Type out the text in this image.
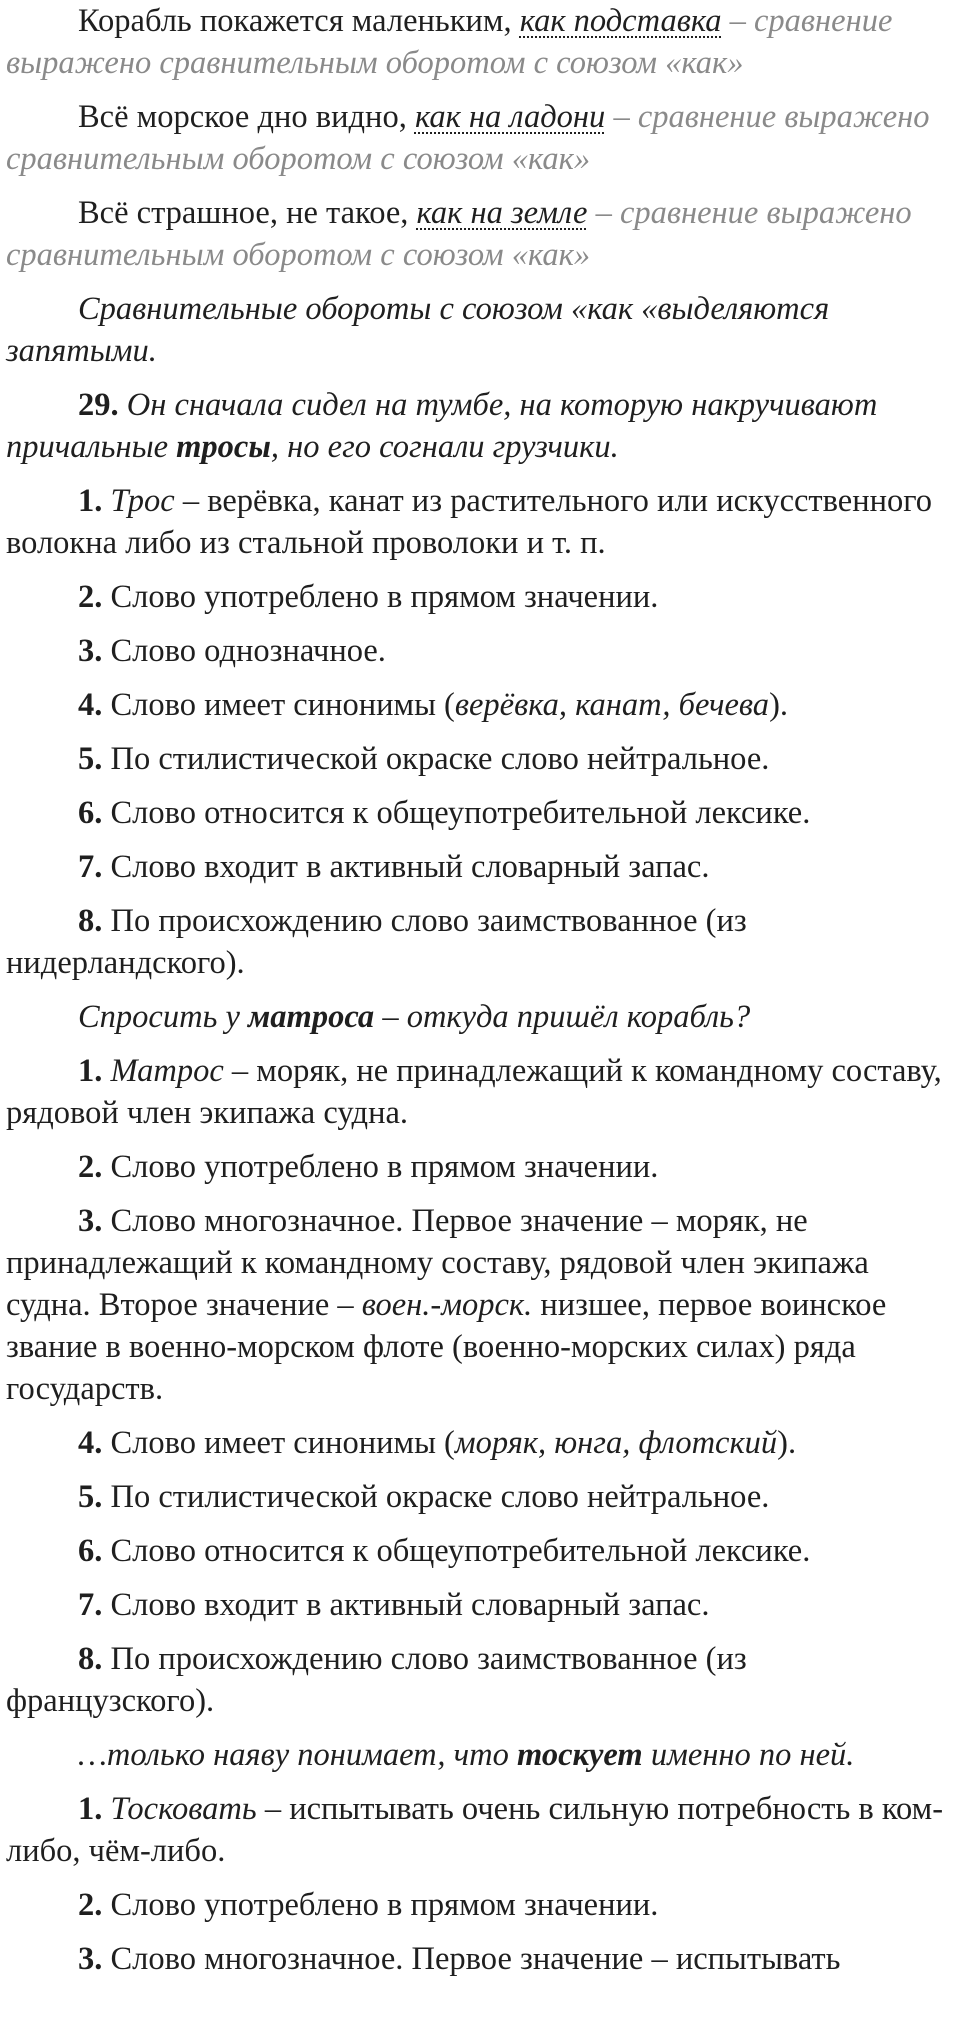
Корабль покажется маленьким, как подставка – сравнение выражено сравнительным оборотом с союзом «как»

Всё морское дно видно, как на ладони – сравнение выражено сравнительным оборотом с союзом «как»

Всё страшное, не такое, как на земле – сравнение выражено сравнительным оборотом с союзом «как»

Сравнительные обороты с союзом «как «выделяются запятыми.

29. Он сначала сидел на тумбе, на которую накручивают причальные тросы, но его согнали грузчики.

1. Трос – верёвка, канат из растительного или искусственного волокна либо из стальной проволоки и т. п.

2. Слово употреблено в прямом значении.

3. Слово однозначное.

4. Слово имеет синонимы (верёвка, канат, бечева).

5. По стилистической окраске слово нейтральное.

6. Слово относится к общеупотребительной лексике.

7. Слово входит в активный словарный запас.

8. По происхождению слово заимствованное (из нидерландского).

Спросить у матроса – откуда пришёл корабль?

1. Матрос – моряк, не принадлежащий к командному составу, рядовой член экипажа судна.

2. Слово употреблено в прямом значении.

3. Слово многозначное. Первое значение – моряк, не принадлежащий к командному составу, рядовой член экипажа судна. Второе значение – воен.-морск. низшее, первое воинское звание в военно-морском флоте (военно-морских силах) ряда государств.

4. Слово имеет синонимы (моряк, юнга, флотский).

5. По стилистической окраске слово нейтральное.

6. Слово относится к общеупотребительной лексике.

7. Слово входит в активный словарный запас.

8. По происхождению слово заимствованное (из французского).

…только наяву понимает, что тоскует именно по ней.

1. Тосковать – испытывать очень сильную потребность в ком-либо, чём-либо.

2. Слово употреблено в прямом значении.

3. Слово многозначное. Первое значение – испытывать
